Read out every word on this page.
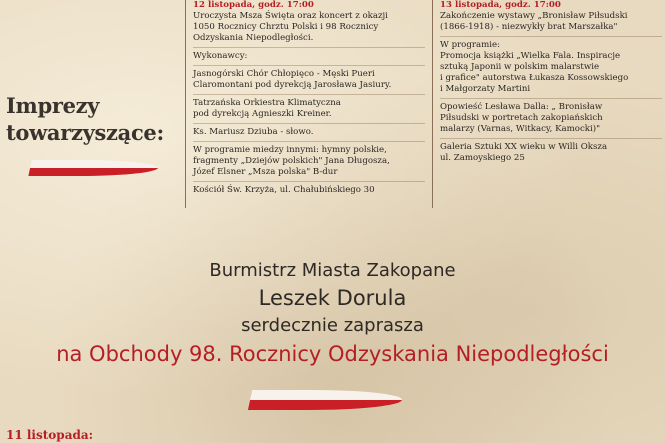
Imprezy
towarzyszące:
12 listopada, godz. 17:00

Uroczysta Msza Święta oraz koncert z okazji
1050 Rocznicy Chrztu Polski i 98 Rocznicy
Odzyskania Niepodległości.

Wykonawcy:

Jasnogórski Chór Chłopięco - Męski Pueri
Claromontani pod dyrekcją Jarosława Jasiury.

Tatrzańska Orkiestra Klimatyczna
pod dyrekcją Agnieszki Kreiner.

Ks. Mariusz Dziuba - słowo.

W programie miedzy innymi: hymny polskie,
fragmenty „Dziejów polskich" Jana Długosza,
Józef Elsner „Msza polska" B-dur

Kościół Św. Krzyża, ul. Chałubińskiego 30

13 listopada, godz. 17:00

Zakończenie wystawy „Bronisław Piłsudski
(1866-1918) - niezwykły brat Marszałka"

W programie:
Promocja książki „Wielka Fala. Inspiracje
sztuką Japonii w polskim malarstwie
i grafice" autorstwa Łukasza Kossowskiego
i Małgorzaty Martini

Opowieść Lesława Dalla: „ Bronisław
Piłsudski w portretach zakopiańskich
malarzy (Varnas, Witkacy, Kamocki)"

Galeria Sztuki XX wieku w Willi Oksza
ul. Zamoyskiego 25

Burmistrz Miasta Zakopane
Leszek Dorula
serdecznie zaprasza
na Obchody 98. Rocznicy Odzyskania Niepodległości
11 listopada:
